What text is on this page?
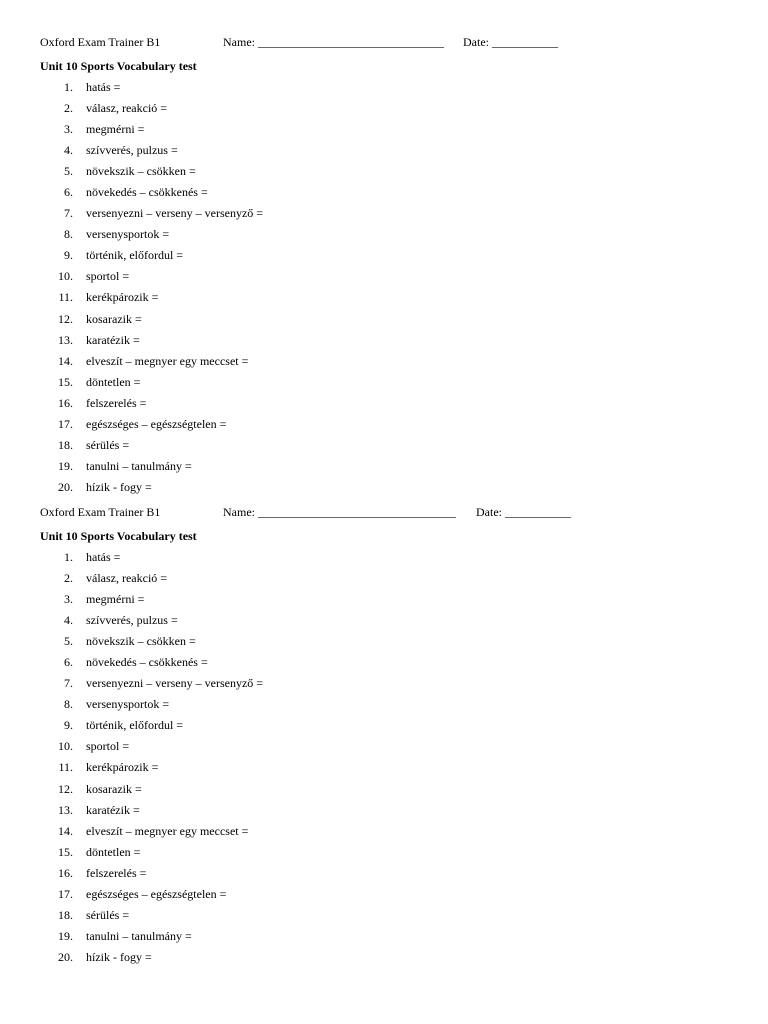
Oxford Exam Trainer B1	Name: _______________________________ Date: ___________
Unit 10 Sports Vocabulary test
1. hatás =
2. válasz, reakció =
3. megmérni =
4. szívverés, pulzus =
5. növekszik – csökken =
6. növekedés – csökkenés =
7. versenyezni – verseny – versenyző =
8. versenysportok =
9. történik, előfordul =
10. sportol =
11. kerékpározik =
12. kosarazik =
13. karatézik =
14. elveszít – megnyer egy meccset =
15. döntetlen =
16. felszerelés =
17. egészséges – egészségtelen =
18. sérülés =
19. tanulni – tanulmány =
20. hízik - fogy =
Oxford Exam Trainer B1	Name: _________________________________ Date: ___________
Unit 10 Sports Vocabulary test
1. hatás =
2. válasz, reakció =
3. megmérni =
4. szívverés, pulzus =
5. növekszik – csökken =
6. növekedés – csökkenés =
7. versenyezni – verseny – versenyző =
8. versenysportok =
9. történik, előfordul =
10. sportol =
11. kerékpározik =
12. kosarazik =
13. karatézik =
14. elveszít – megnyer egy meccset =
15. döntetlen =
16. felszerelés =
17. egészséges – egészségtelen =
18. sérülés =
19. tanulni – tanulmány =
20. hízik - fogy =
